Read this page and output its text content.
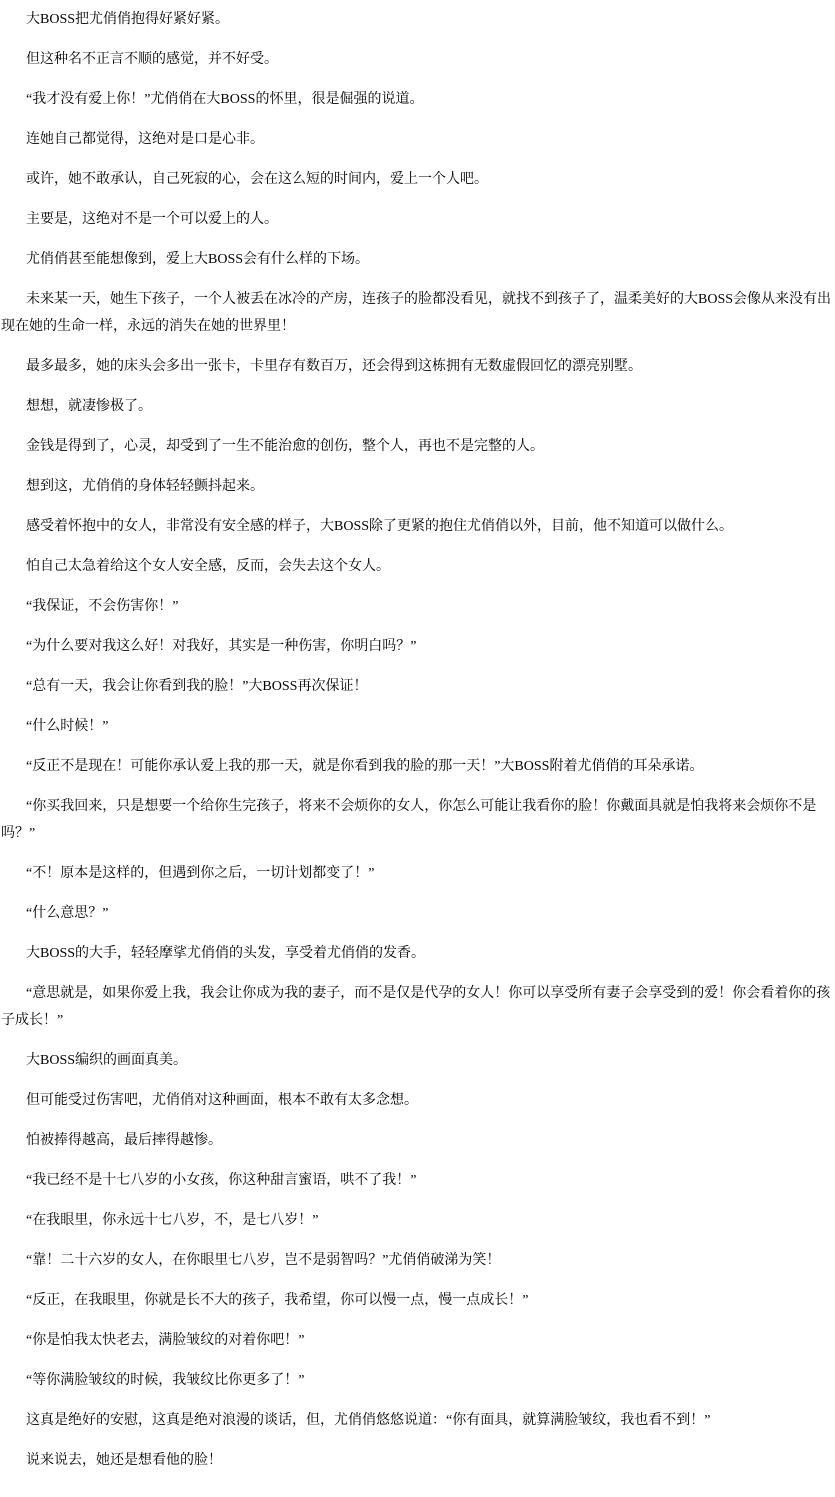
大BOSS把尤俏俏抱得好紧好紧。

但这种名不正言不顺的感觉，并不好受。

“我才没有爱上你！”尤俏俏在大BOSS的怀里，很是倔强的说道。

连她自己都觉得，这绝对是口是心非。

或许，她不敢承认，自己死寂的心，会在这么短的时间内，爱上一个人吧。

主要是，这绝对不是一个可以爱上的人。

尤俏俏甚至能想像到，爱上大BOSS会有什么样的下场。

未来某一天，她生下孩子，一个人被丢在冰冷的产房，连孩子的脸都没看见，就找不到孩子了，温柔美好的大BOSS会像从来没有出现在她的生命一样，永远的消失在她的世界里！

最多最多，她的床头会多出一张卡，卡里存有数百万，还会得到这栋拥有无数虚假回忆的漂亮别墅。

想想，就凄惨极了。

金钱是得到了，心灵，却受到了一生不能治愈的创伤，整个人，再也不是完整的人。

想到这，尤俏俏的身体轻轻颤抖起来。

感受着怀抱中的女人，非常没有安全感的样子，大BOSS除了更紧的抱住尤俏俏以外，目前，他不知道可以做什么。

怕自己太急着给这个女人安全感，反而，会失去这个女人。

“我保证，不会伤害你！”

“为什么要对我这么好！对我好，其实是一种伤害，你明白吗？”

“总有一天，我会让你看到我的脸！”大BOSS再次保证！

“什么时候！”

“反正不是现在！可能你承认爱上我的那一天，就是你看到我的脸的那一天！”大BOSS附着尤俏俏的耳朵承诺。

“你买我回来，只是想要一个给你生完孩子，将来不会烦你的女人，你怎么可能让我看你的脸！你戴面具就是怕我将来会烦你不是吗？”

“不！原本是这样的，但遇到你之后，一切计划都变了！”

“什么意思？”

大BOSS的大手，轻轻摩挲尤俏俏的头发，享受着尤俏俏的发香。

“意思就是，如果你爱上我，我会让你成为我的妻子，而不是仅是代孕的女人！你可以享受所有妻子会享受到的爱！你会看着你的孩子成长！”

大BOSS编织的画面真美。

但可能受过伤害吧，尤俏俏对这种画面，根本不敢有太多念想。

怕被捧得越高，最后摔得越惨。

“我已经不是十七八岁的小女孩，你这种甜言蜜语，哄不了我！”

“在我眼里，你永远十七八岁，不，是七八岁！”

“靠！二十六岁的女人，在你眼里七八岁，岂不是弱智吗？”尤俏俏破涕为笑！

“反正，在我眼里，你就是长不大的孩子，我希望，你可以慢一点，慢一点成长！”

“你是怕我太快老去，满脸皱纹的对着你吧！”

“等你满脸皱纹的时候，我皱纹比你更多了！”

这真是绝好的安慰，这真是绝对浪漫的谈话，但，尤俏俏悠悠说道：“你有面具，就算满脸皱纹，我也看不到！”

说来说去，她还是想看他的脸！
